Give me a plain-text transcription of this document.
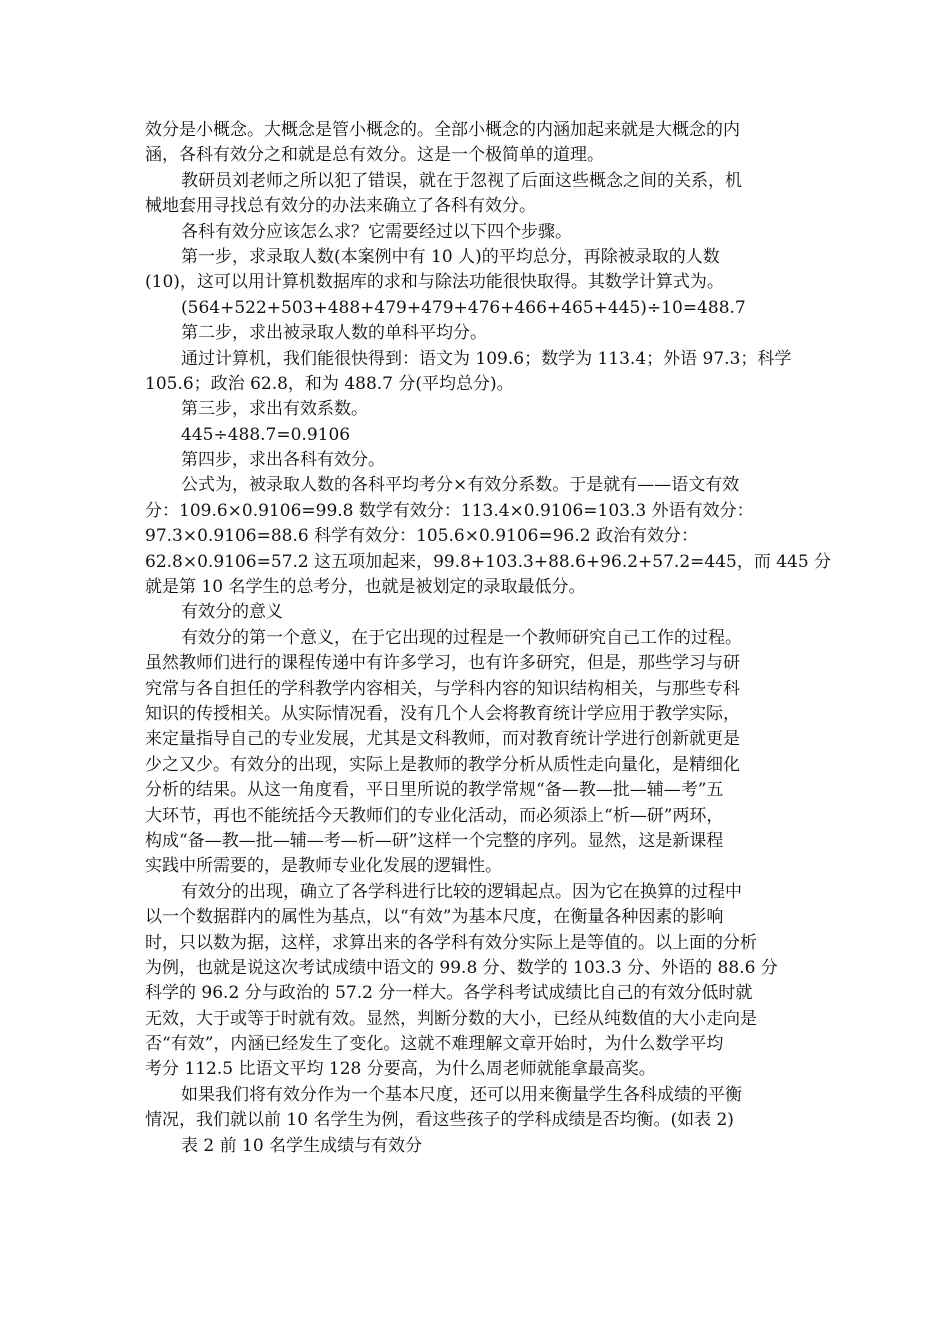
效分是小概念。大概念是管小概念的。全部小概念的内涵加起来就是大概念的内
涵，各科有效分之和就是总有效分。这是一个极简单的道理。
教研员刘老师之所以犯了错误，就在于忽视了后面这些概念之间的关系，机
械地套用寻找总有效分的办法来确立了各科有效分。
各科有效分应该怎么求？它需要经过以下四个步骤。
第一步，求录取人数(本案例中有 10 人)的平均总分，再除被录取的人数
(10)，这可以用计算机数据库的求和与除法功能很快取得。其数学计算式为。
(564+522+503+488+479+479+476+466+465+445)÷10=488.7
第二步，求出被录取人数的单科平均分。
通过计算机，我们能很快得到：语文为 109.6；数学为 113.4；外语 97.3；科学
105.6；政治 62.8，和为 488.7 分(平均总分)。
第三步，求出有效系数。
445÷488.7=0.9106
第四步，求出各科有效分。
公式为，被录取人数的各科平均考分×有效分系数。于是就有——语文有效
分：109.6×0.9106=99.8 数学有效分：113.4×0.9106=103.3 外语有效分：
97.3×0.9106=88.6 科学有效分：105.6×0.9106=96.2 政治有效分：
62.8×0.9106=57.2 这五项加起来，99.8+103.3+88.6+96.2+57.2=445，而 445 分
就是第 10 名学生的总考分，也就是被划定的录取最低分。
有效分的意义
有效分的第一个意义，在于它出现的过程是一个教师研究自己工作的过程。
虽然教师们进行的课程传递中有许多学习，也有许多研究，但是，那些学习与研
究常与各自担任的学科教学内容相关，与学科内容的知识结构相关，与那些专科
知识的传授相关。从实际情况看，没有几个人会将教育统计学应用于教学实际，
来定量指导自己的专业发展，尤其是文科教师，而对教育统计学进行创新就更是
少之又少。有效分的出现，实际上是教师的教学分析从质性走向量化，是精细化
分析的结果。从这一角度看，平日里所说的教学常规“备—教—批—辅—考”五
大环节，再也不能统括今天教师们的专业化活动，而必须添上“析—研”两环，
构成“备—教—批—辅—考—析—研”这样一个完整的序列。显然，这是新课程
实践中所需要的，是教师专业化发展的逻辑性。
有效分的出现，确立了各学科进行比较的逻辑起点。因为它在换算的过程中
以一个数据群内的属性为基点，以“有效”为基本尺度，在衡量各种因素的影响
时，只以数为据，这样，求算出来的各学科有效分实际上是等值的。以上面的分析
为例，也就是说这次考试成绩中语文的 99.8 分、数学的 103.3 分、外语的 88.6 分
科学的 96.2 分与政治的 57.2 分一样大。各学科考试成绩比自己的有效分低时就
无效，大于或等于时就有效。显然，判断分数的大小，已经从纯数值的大小走向是
否“有效”，内涵已经发生了变化。这就不难理解文章开始时，为什么数学平均
考分 112.5 比语文平均 128 分要高，为什么周老师就能拿最高奖。
如果我们将有效分作为一个基本尺度，还可以用来衡量学生各科成绩的平衡
情况，我们就以前 10 名学生为例，看这些孩子的学科成绩是否均衡。(如表 2)
表 2 前 10 名学生成绩与有效分
